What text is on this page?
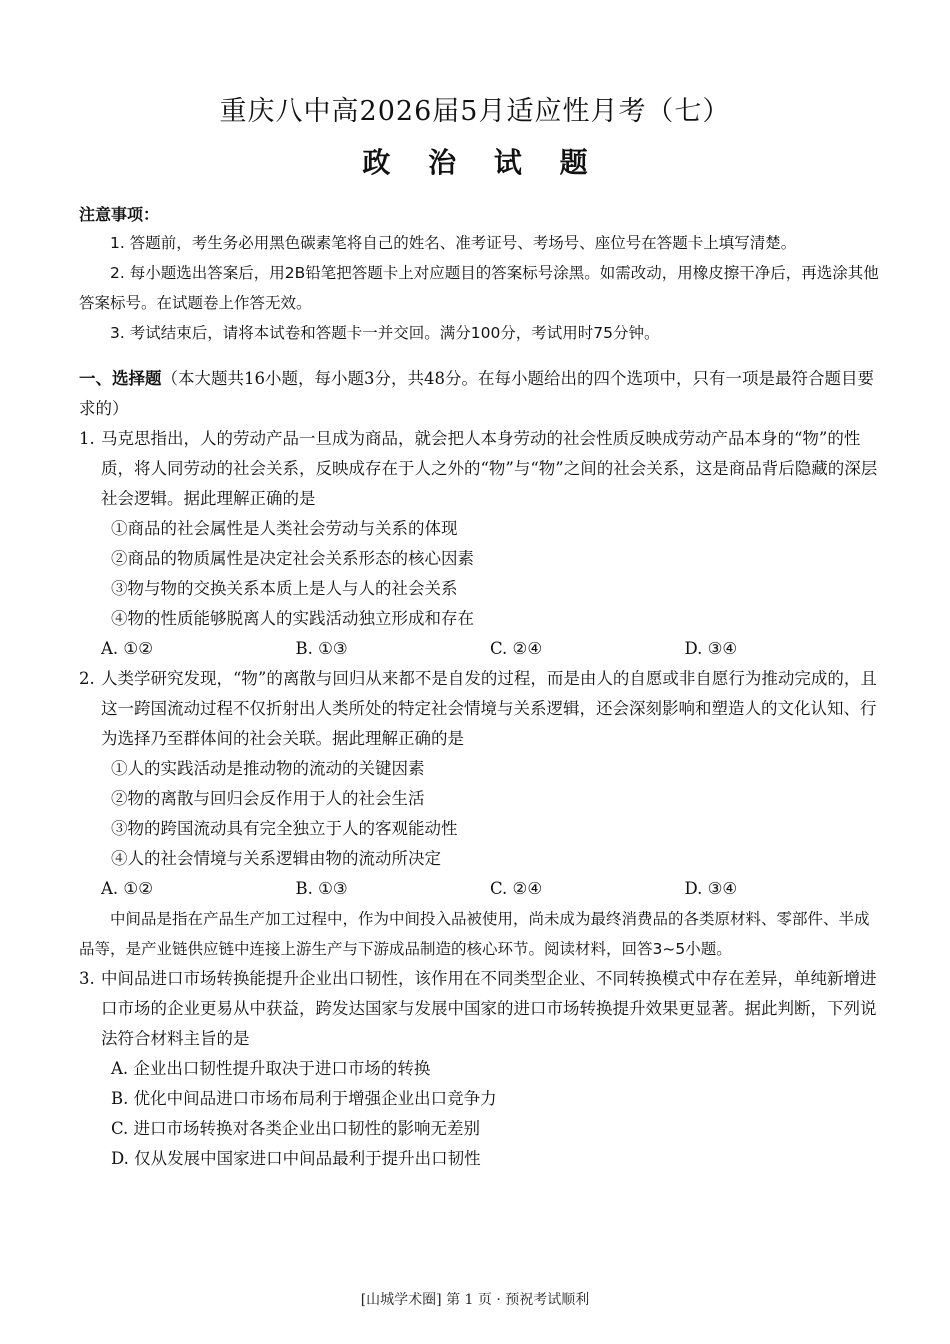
重庆八中高2026届5月适应性月考（七）
政 治 试 题
注意事项：
1. 答题前，考生务必用黑色碳素笔将自己的姓名、准考证号、考场号、座位号在答题卡上填写清楚。
2. 每小题选出答案后，用2B铅笔把答题卡上对应题目的答案标号涂黑。如需改动，用橡皮擦干净后，再选涂其他答案标号。在试题卷上作答无效。
3. 考试结束后，请将本试卷和答题卡一并交回。满分100分，考试用时75分钟。
一、选择题（本大题共16小题，每小题3分，共48分。在每小题给出的四个选项中，只有一项是最符合题目要求的）
1. 马克思指出，人的劳动产品一旦成为商品，就会把人本身劳动的社会性质反映成劳动产品本身的“物”的性质，将人同劳动的社会关系，反映成存在于人之外的“物”与“物”之间的社会关系，这是商品背后隐藏的深层社会逻辑。据此理解正确的是
①商品的社会属性是人类社会劳动与关系的体现
②商品的物质属性是决定社会关系形态的核心因素
③物与物的交换关系本质上是人与人的社会关系
④物的性质能够脱离人的实践活动独立形成和存在
A. ①②	B. ①③	C. ②④	D. ③④
2. 人类学研究发现，“物”的离散与回归从来都不是自发的过程，而是由人的自愿或非自愿行为推动完成的，且这一跨国流动过程不仅折射出人类所处的特定社会情境与关系逻辑，还会深刻影响和塑造人的文化认知、行为选择乃至群体间的社会关联。据此理解正确的是
①人的实践活动是推动物的流动的关键因素
②物的离散与回归会反作用于人的社会生活
③物的跨国流动具有完全独立于人的客观能动性
④人的社会情境与关系逻辑由物的流动所决定
A. ①②	B. ①③	C. ②④	D. ③④
中间品是指在产品生产加工过程中，作为中间投入品被使用，尚未成为最终消费品的各类原材料、零部件、半成品等，是产业链供应链中连接上游生产与下游成品制造的核心环节。阅读材料，回答3~5小题。
3. 中间品进口市场转换能提升企业出口韧性，该作用在不同类型企业、不同转换模式中存在差异，单纯新增进口市场的企业更易从中获益，跨发达国家与发展中国家的进口市场转换提升效果更显著。据此判断，下列说法符合材料主旨的是
A. 企业出口韧性提升取决于进口市场的转换
B. 优化中间品进口市场布局利于增强企业出口竞争力
C. 进口市场转换对各类企业出口韧性的影响无差别
D. 仅从发展中国家进口中间品最利于提升出口韧性
[山城学术圈] 第 1 页 · 预祝考试顺利
